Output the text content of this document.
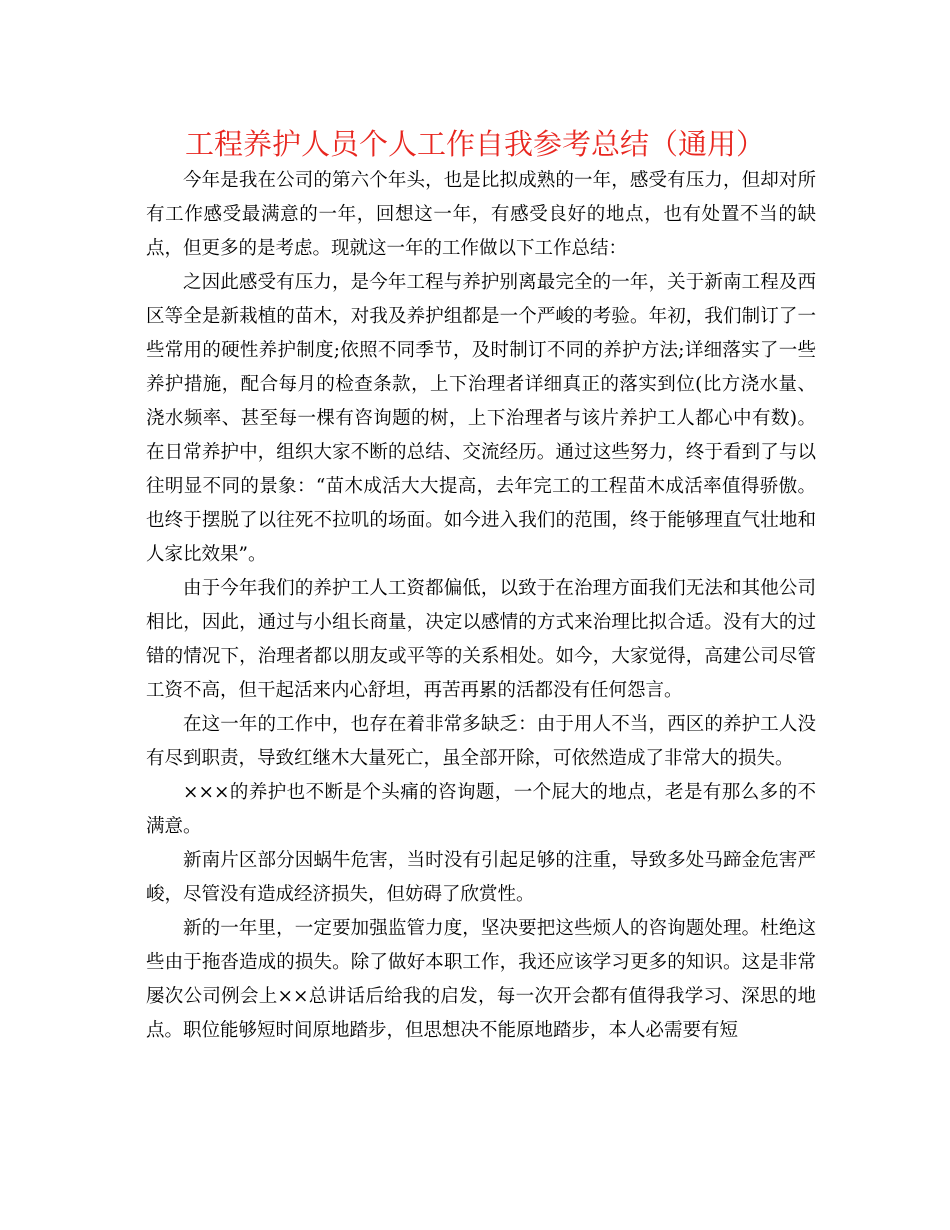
工程养护人员个人工作自我参考总结（通用）

今年是我在公司的第六个年头，也是比拟成熟的一年，感受有压力，但却对所有工作感受最满意的一年，回想这一年，有感受良好的地点，也有处置不当的缺点，但更多的是考虑。现就这一年的工作做以下工作总结：

之因此感受有压力，是今年工程与养护别离最完全的一年，关于新南工程及西区等全是新栽植的苗木，对我及养护组都是一个严峻的考验。年初，我们制订了一些常用的硬性养护制度;依照不同季节，及时制订不同的养护方法;详细落实了一些养护措施，配合每月的检查条款，上下治理者详细真正的落实到位(比方浇水量、浇水频率、甚至每一棵有咨询题的树，上下治理者与该片养护工人都心中有数)。在日常养护中，组织大家不断的总结、交流经历。通过这些努力，终于看到了与以往明显不同的景象：“苗木成活大大提高，去年完工的工程苗木成活率值得骄傲。也终于摆脱了以往死不拉叽的场面。如今进入我们的范围，终于能够理直气壮地和人家比效果”。

由于今年我们的养护工人工资都偏低，以致于在治理方面我们无法和其他公司相比，因此，通过与小组长商量，决定以感情的方式来治理比拟合适。没有大的过错的情况下，治理者都以朋友或平等的关系相处。如今，大家觉得，高建公司尽管工资不高，但干起活来内心舒坦，再苦再累的活都没有任何怨言。

在这一年的工作中，也存在着非常多缺乏：由于用人不当，西区的养护工人没有尽到职责，导致红继木大量死亡，虽全部开除，可依然造成了非常大的损失。

×××的养护也不断是个头痛的咨询题，一个屁大的地点，老是有那么多的不满意。

新南片区部分因蜗牛危害，当时没有引起足够的注重，导致多处马蹄金危害严峻，尽管没有造成经济损失，但妨碍了欣赏性。

新的一年里，一定要加强监管力度，坚决要把这些烦人的咨询题处理。杜绝这些由于拖沓造成的损失。除了做好本职工作，我还应该学习更多的知识。这是非常屡次公司例会上××总讲话后给我的启发，每一次开会都有值得我学习、深思的地点。职位能够短时间原地踏步，但思想决不能原地踏步，本人必需要有短
